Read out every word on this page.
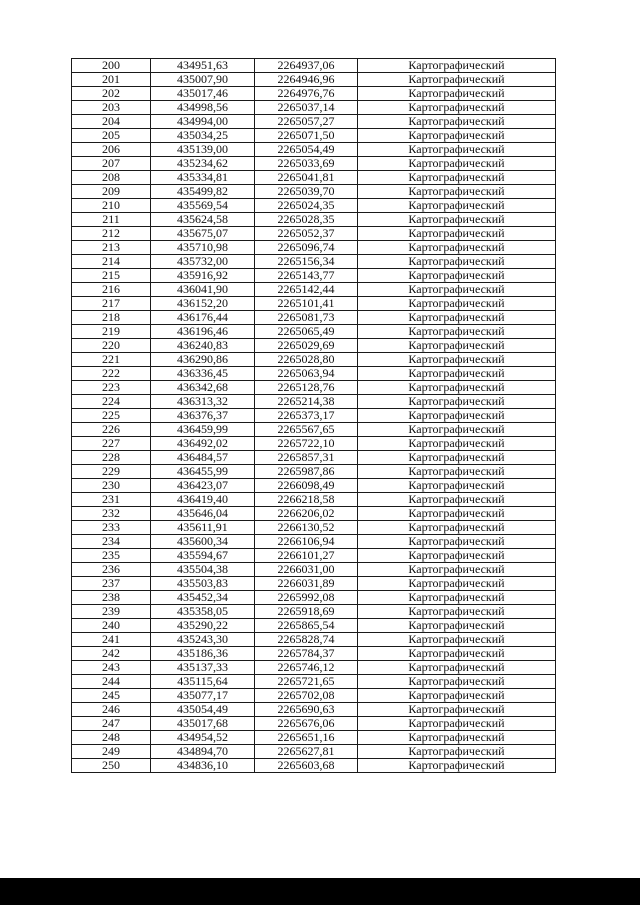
200	434951,63	2264937,06	Картографический
201	435007,90	2264946,96	Картографический
202	435017,46	2264976,76	Картографический
203	434998,56	2265037,14	Картографический
204	434994,00	2265057,27	Картографический
205	435034,25	2265071,50	Картографический
206	435139,00	2265054,49	Картографический
207	435234,62	2265033,69	Картографический
208	435334,81	2265041,81	Картографический
209	435499,82	2265039,70	Картографический
210	435569,54	2265024,35	Картографический
211	435624,58	2265028,35	Картографический
212	435675,07	2265052,37	Картографический
213	435710,98	2265096,74	Картографический
214	435732,00	2265156,34	Картографический
215	435916,92	2265143,77	Картографический
216	436041,90	2265142,44	Картографический
217	436152,20	2265101,41	Картографический
218	436176,44	2265081,73	Картографический
219	436196,46	2265065,49	Картографический
220	436240,83	2265029,69	Картографический
221	436290,86	2265028,80	Картографический
222	436336,45	2265063,94	Картографический
223	436342,68	2265128,76	Картографический
224	436313,32	2265214,38	Картографический
225	436376,37	2265373,17	Картографический
226	436459,99	2265567,65	Картографический
227	436492,02	2265722,10	Картографический
228	436484,57	2265857,31	Картографический
229	436455,99	2265987,86	Картографический
230	436423,07	2266098,49	Картографический
231	436419,40	2266218,58	Картографический
232	435646,04	2266206,02	Картографический
233	435611,91	2266130,52	Картографический
234	435600,34	2266106,94	Картографический
235	435594,67	2266101,27	Картографический
236	435504,38	2266031,00	Картографический
237	435503,83	2266031,89	Картографический
238	435452,34	2265992,08	Картографический
239	435358,05	2265918,69	Картографический
240	435290,22	2265865,54	Картографический
241	435243,30	2265828,74	Картографический
242	435186,36	2265784,37	Картографический
243	435137,33	2265746,12	Картографический
244	435115,64	2265721,65	Картографический
245	435077,17	2265702,08	Картографический
246	435054,49	2265690,63	Картографический
247	435017,68	2265676,06	Картографический
248	434954,52	2265651,16	Картографический
249	434894,70	2265627,81	Картографический
250	434836,10	2265603,68	Картографический
